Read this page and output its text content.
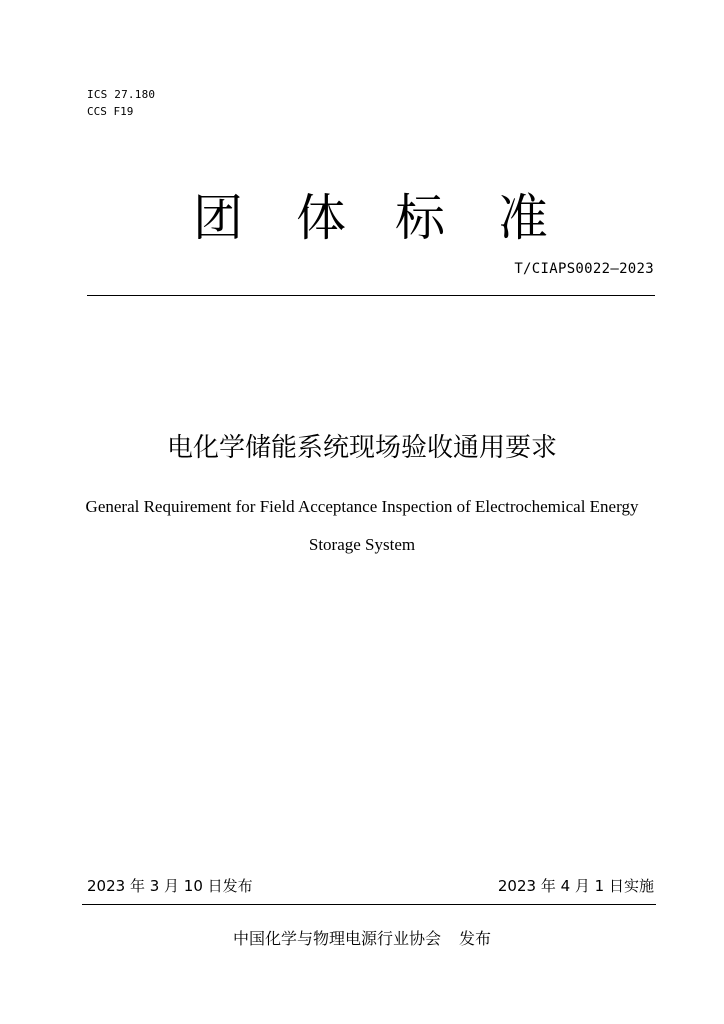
ICS 27.180
CCS F19
团 体 标 准
T/CIAPS0022—2023
电化学储能系统现场验收通用要求
General Requirement for Field Acceptance Inspection of Electrochemical Energy
Storage System
2023 年 3 月 10 日发布	2023 年 4 月 1 日实施
中国化学与物理电源行业协会 发布
